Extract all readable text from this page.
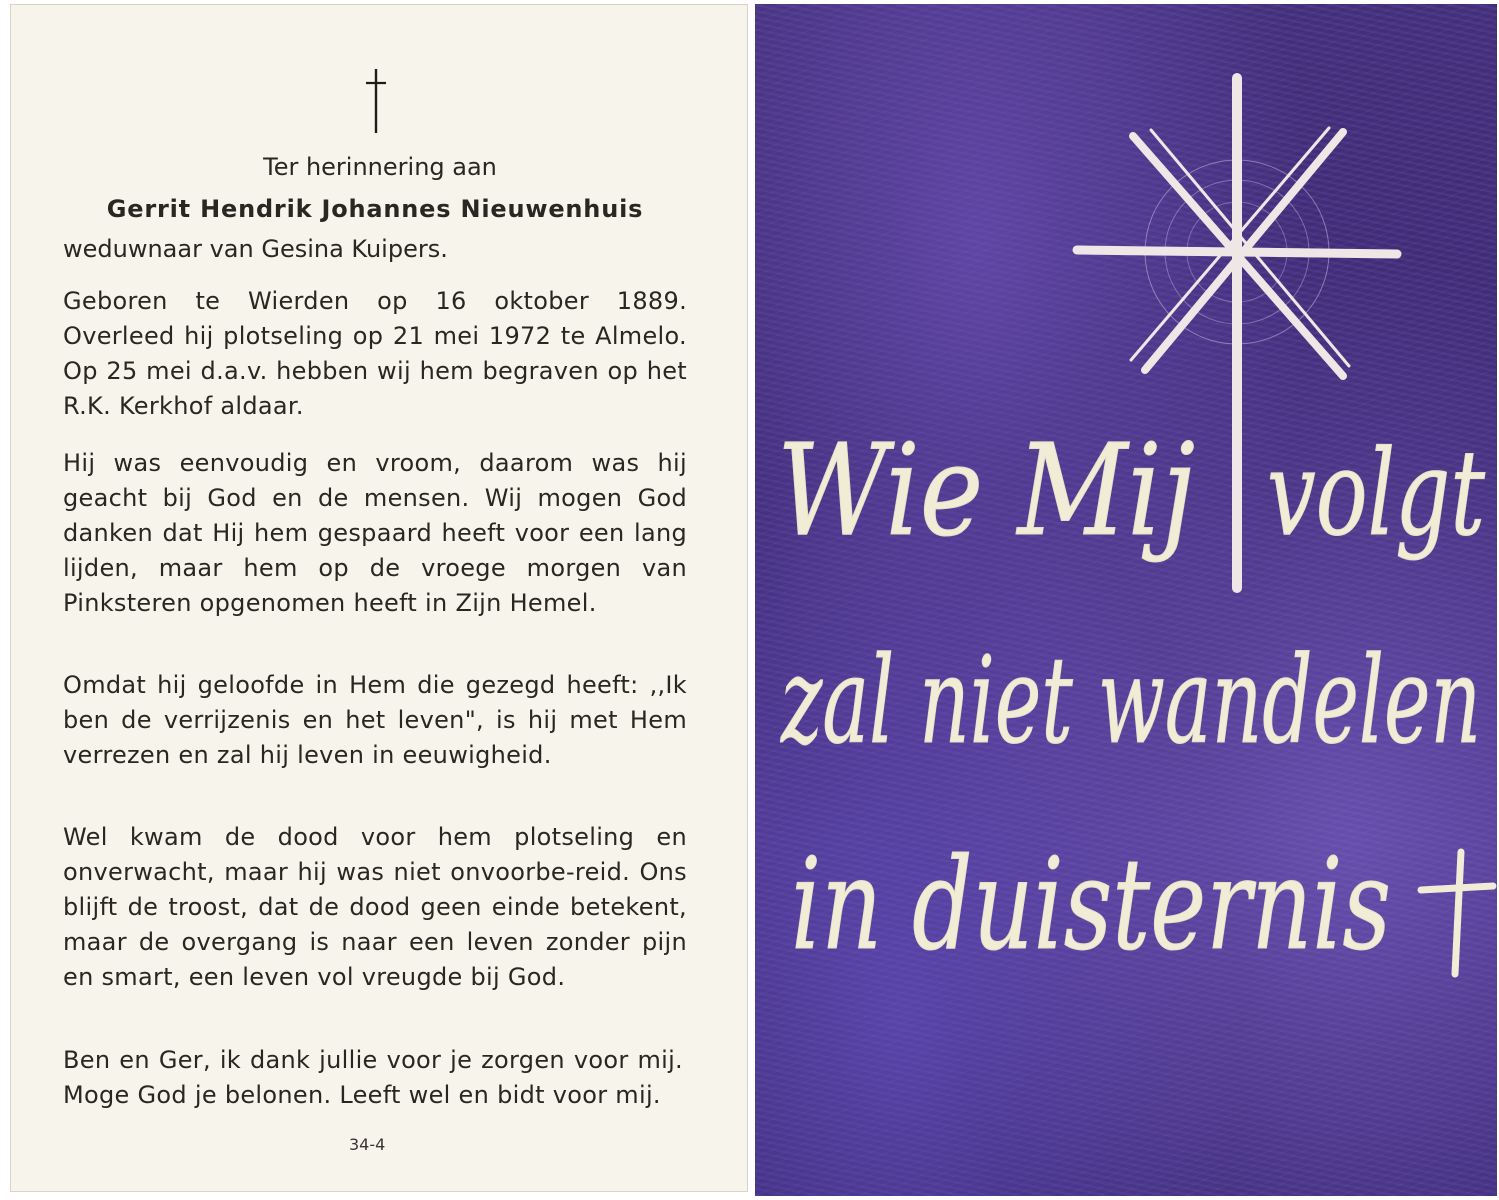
Ter herinnering aan
Gerrit Hendrik Johannes Nieuwenhuis
weduwnaar van Gesina Kuipers.
Geboren te Wierden op 16 oktober 1889. Overleed hij plotseling op 21 mei 1972 te Almelo. Op 25 mei d.a.v. hebben wij hem begraven op het R.K. Kerkhof aldaar.
Hij was eenvoudig en vroom, daarom was hij geacht bij God en de mensen. Wij mogen God danken dat Hij hem gespaard heeft voor een lang lijden, maar hem op de vroege morgen van Pinksteren opgenomen heeft in Zijn Hemel.
Omdat hij geloofde in Hem die gezegd heeft: ,,Ik ben de verrijzenis en het leven", is hij met Hem verrezen en zal hij leven in eeuwigheid.
Wel kwam de dood voor hem plotseling en onverwacht, maar hij was niet onvoorbe-reid. Ons blijft de troost, dat de dood geen einde betekent, maar de overgang is naar een leven zonder pijn en smart, een leven vol vreugde bij God.
Ben en Ger, ik dank jullie voor je zorgen voor mij. Moge God je belonen. Leeft wel en bidt voor mij.
34-4
Wie Mij volgt
zal niet wandelen
in duisternis
